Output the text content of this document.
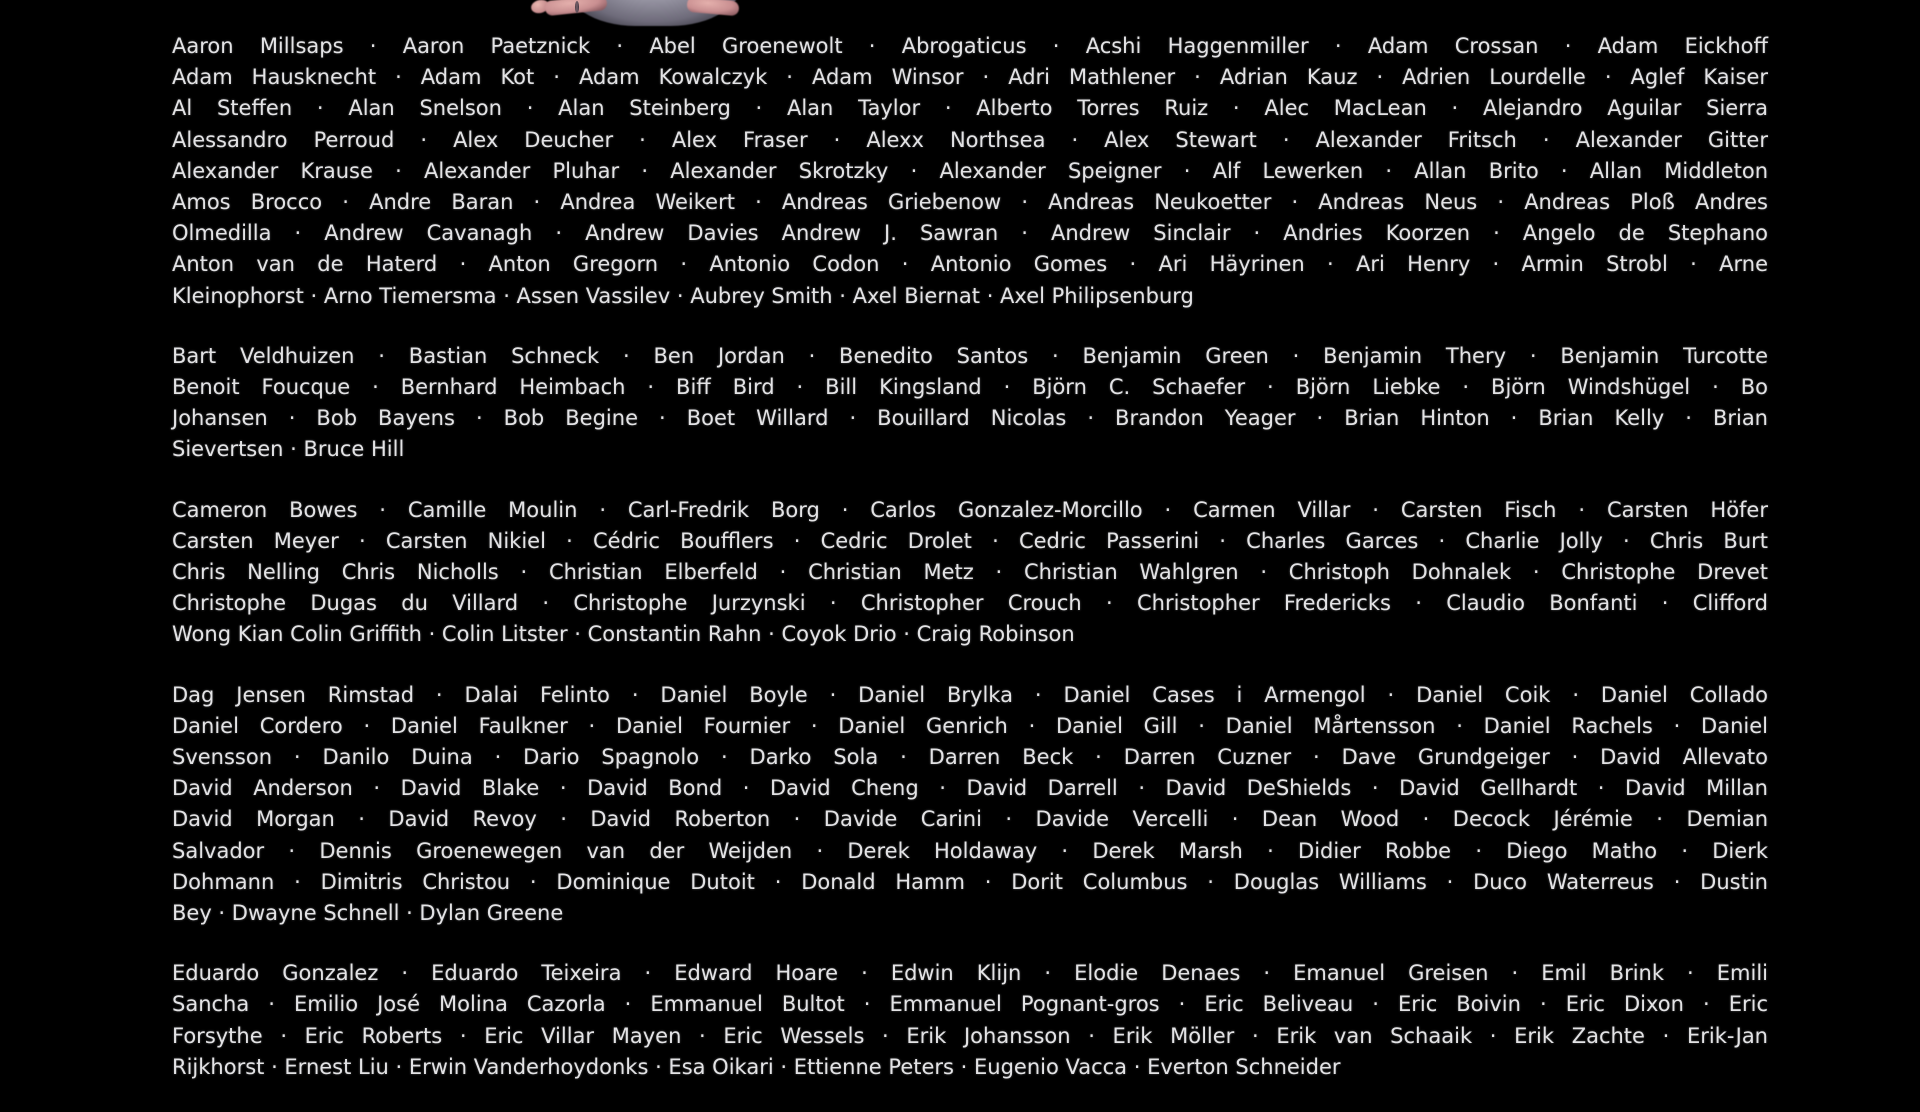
Aaron Millsaps · Aaron Paetznick · Abel Groenewolt · Abrogaticus · Acshi Haggenmiller · Adam Crossan · Adam Eickhoff
Adam Hausknecht · Adam Kot · Adam Kowalczyk · Adam Winsor · Adri Mathlener · Adrian Kauz · Adrien Lourdelle · Aglef Kaiser
Al Steffen · Alan Snelson · Alan Steinberg · Alan Taylor · Alberto Torres Ruiz · Alec MacLean · Alejandro Aguilar Sierra
Alessandro Perroud · Alex Deucher · Alex Fraser · Alexx Northsea · Alex Stewart · Alexander Fritsch · Alexander Gitter
Alexander Krause · Alexander Pluhar · Alexander Skrotzky · Alexander Speigner · Alf Lewerken · Allan Brito · Allan Middleton
Amos Brocco · Andre Baran · Andrea Weikert · Andreas Griebenow · Andreas Neukoetter · Andreas Neus · Andreas Ploß Andres
Olmedilla · Andrew Cavanagh · Andrew Davies Andrew J. Sawran · Andrew Sinclair · Andries Koorzen · Angelo de Stephano
Anton van de Haterd · Anton Gregorn · Antonio Codon · Antonio Gomes · Ari Häyrinen · Ari Henry · Armin Strobl · Arne
Kleinophorst · Arno Tiemersma · Assen Vassilev · Aubrey Smith · Axel Biernat · Axel Philipsenburg
Bart Veldhuizen · Bastian Schneck · Ben Jordan · Benedito Santos · Benjamin Green · Benjamin Thery · Benjamin Turcotte
Benoit Foucque · Bernhard Heimbach · Biff Bird · Bill Kingsland · Björn C. Schaefer · Björn Liebke · Björn Windshügel · Bo
Johansen · Bob Bayens · Bob Begine · Boet Willard · Bouillard Nicolas · Brandon Yeager · Brian Hinton · Brian Kelly · Brian
Sievertsen · Bruce Hill
Cameron Bowes · Camille Moulin · Carl-Fredrik Borg · Carlos Gonzalez-Morcillo · Carmen Villar · Carsten Fisch · Carsten Höfer
Carsten Meyer · Carsten Nikiel · Cédric Boufflers · Cedric Drolet · Cedric Passerini · Charles Garces · Charlie Jolly · Chris Burt
Chris Nelling Chris Nicholls · Christian Elberfeld · Christian Metz · Christian Wahlgren · Christoph Dohnalek · Christophe Drevet
Christophe Dugas du Villard · Christophe Jurzynski · Christopher Crouch · Christopher Fredericks · Claudio Bonfanti · Clifford
Wong Kian Colin Griffith · Colin Litster · Constantin Rahn · Coyok Drio · Craig Robinson
Dag Jensen Rimstad · Dalai Felinto · Daniel Boyle · Daniel Brylka · Daniel Cases i Armengol · Daniel Coik · Daniel Collado
Daniel Cordero · Daniel Faulkner · Daniel Fournier · Daniel Genrich · Daniel Gill · Daniel Mårtensson · Daniel Rachels · Daniel
Svensson · Danilo Duina · Dario Spagnolo · Darko Sola · Darren Beck · Darren Cuzner · Dave Grundgeiger · David Allevato
David Anderson · David Blake · David Bond · David Cheng · David Darrell · David DeShields · David Gellhardt · David Millan
David Morgan · David Revoy · David Roberton · Davide Carini · Davide Vercelli · Dean Wood · Decock Jérémie · Demian
Salvador · Dennis Groenewegen van der Weijden · Derek Holdaway · Derek Marsh · Didier Robbe · Diego Matho · Dierk
Dohmann · Dimitris Christou · Dominique Dutoit · Donald Hamm · Dorit Columbus · Douglas Williams · Duco Waterreus · Dustin
Bey · Dwayne Schnell · Dylan Greene
Eduardo Gonzalez · Eduardo Teixeira · Edward Hoare · Edwin Klijn · Elodie Denaes · Emanuel Greisen · Emil Brink · Emili
Sancha · Emilio José Molina Cazorla · Emmanuel Bultot · Emmanuel Pognant-gros · Eric Beliveau · Eric Boivin · Eric Dixon · Eric
Forsythe · Eric Roberts · Eric Villar Mayen · Eric Wessels · Erik Johansson · Erik Möller · Erik van Schaaik · Erik Zachte · Erik-Jan
Rijkhorst · Ernest Liu · Erwin Vanderhoydonks · Esa Oikari · Ettienne Peters · Eugenio Vacca · Everton Schneider
